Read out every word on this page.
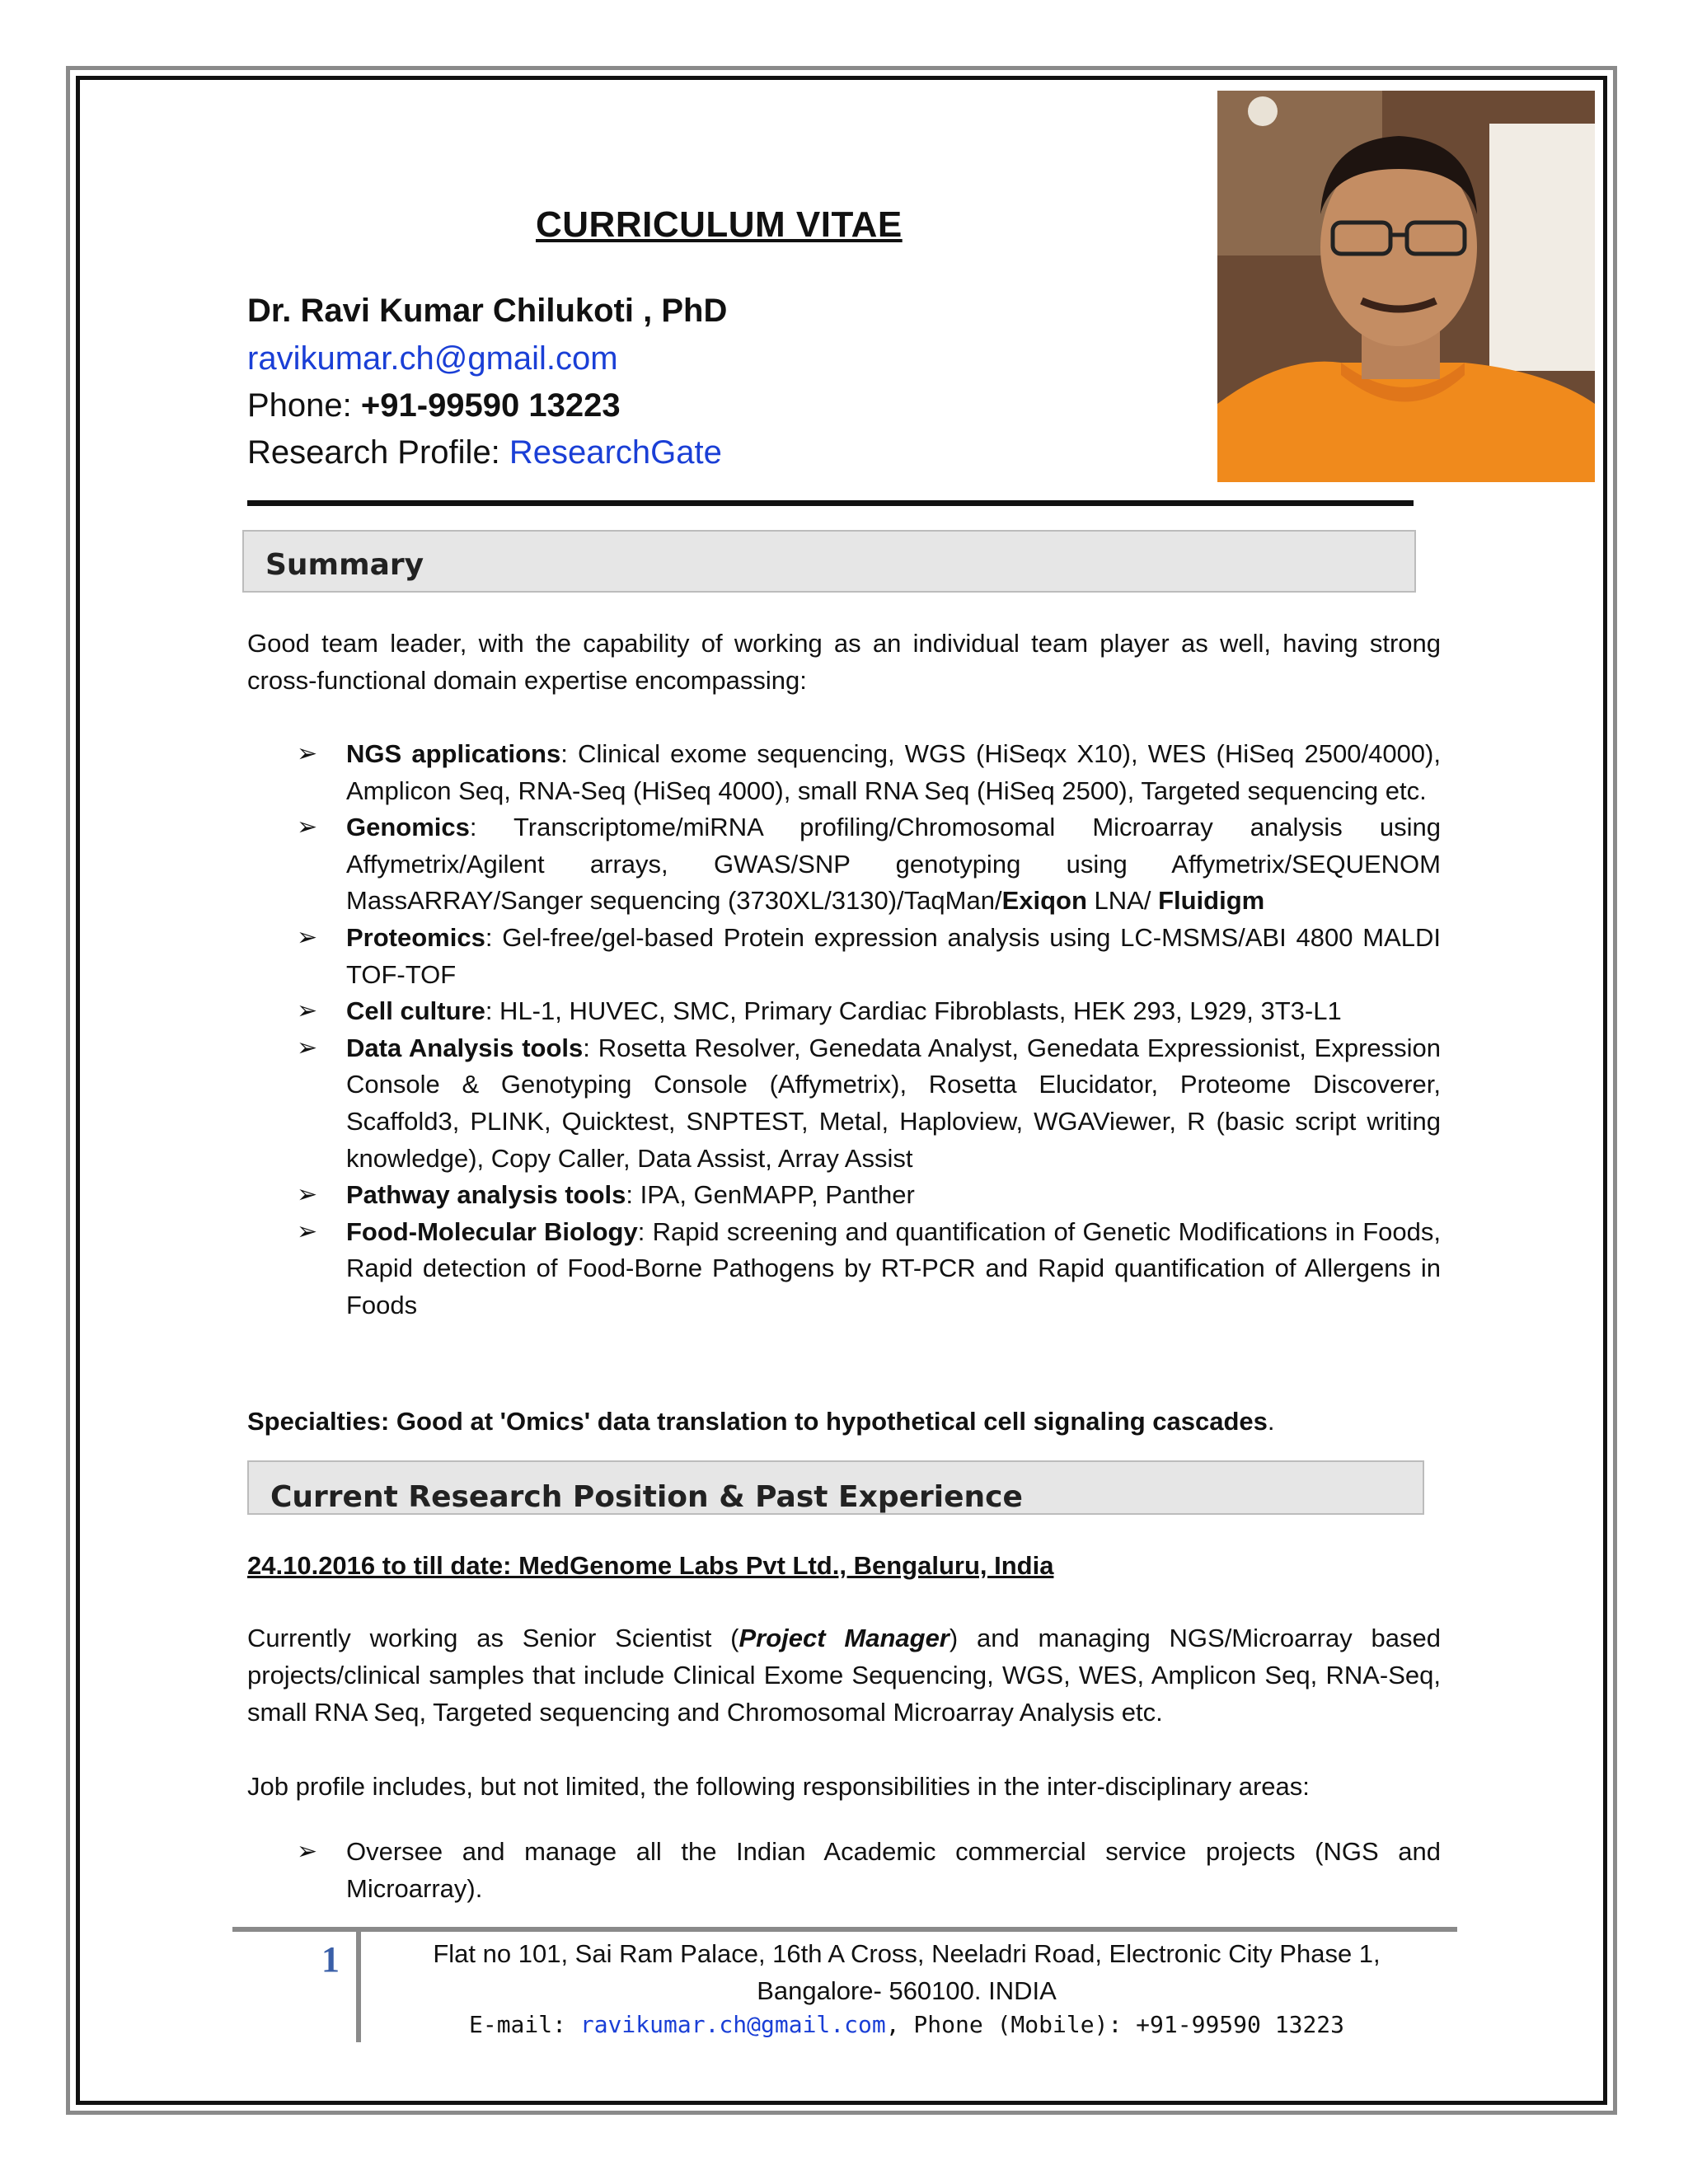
CURRICULUM VITAE
Dr. Ravi Kumar Chilukoti , PhD
ravikumar.ch@gmail.com
Phone: +91-99590 13223
Research Profile: ResearchGate
Summary
Good team leader, with the capability of working as an individual team player as well, having strong cross-functional domain expertise encompassing:
➢ NGS applications: Clinical exome sequencing, WGS (HiSeqx X10), WES (HiSeq 2500/4000), Amplicon Seq, RNA-Seq (HiSeq 4000), small RNA Seq (HiSeq 2500), Targeted sequencing etc.
➢ Genomics: Transcriptome/miRNA profiling/Chromosomal Microarray analysis using Affymetrix/Agilent arrays, GWAS/SNP genotyping using Affymetrix/SEQUENOM MassARRAY/Sanger sequencing (3730XL/3130)/TaqMan/Exiqon LNA/ Fluidigm
➢ Proteomics: Gel-free/gel-based Protein expression analysis using LC-MSMS/ABI 4800 MALDI TOF-TOF
➢ Cell culture: HL-1, HUVEC, SMC, Primary Cardiac Fibroblasts, HEK 293, L929, 3T3-L1
➢ Data Analysis tools: Rosetta Resolver, Genedata Analyst, Genedata Expressionist, Expression Console & Genotyping Console (Affymetrix), Rosetta Elucidator, Proteome Discoverer, Scaffold3, PLINK, Quicktest, SNPTEST, Metal, Haploview, WGAViewer, R (basic script writing knowledge), Copy Caller, Data Assist, Array Assist
➢ Pathway analysis tools: IPA, GenMAPP, Panther
➢ Food-Molecular Biology: Rapid screening and quantification of Genetic Modifications in Foods, Rapid detection of Food-Borne Pathogens by RT-PCR and Rapid quantification of Allergens in Foods
Specialties: Good at 'Omics' data translation to hypothetical cell signaling cascades.
Current Research Position & Past Experience
24.10.2016 to till date: MedGenome Labs Pvt Ltd., Bengaluru, India
Currently working as Senior Scientist (Project Manager) and managing NGS/Microarray based projects/clinical samples that include Clinical Exome Sequencing, WGS, WES, Amplicon Seq, RNA-Seq, small RNA Seq, Targeted sequencing and Chromosomal Microarray Analysis etc.
Job profile includes, but not limited, the following responsibilities in the inter-disciplinary areas:
➢ Oversee and manage all the Indian Academic commercial service projects (NGS and Microarray).
1	Flat no 101, Sai Ram Palace, 16th A Cross, Neeladri Road, Electronic City Phase 1, Bangalore- 560100. INDIA
E-mail: ravikumar.ch@gmail.com, Phone (Mobile): +91-99590 13223
